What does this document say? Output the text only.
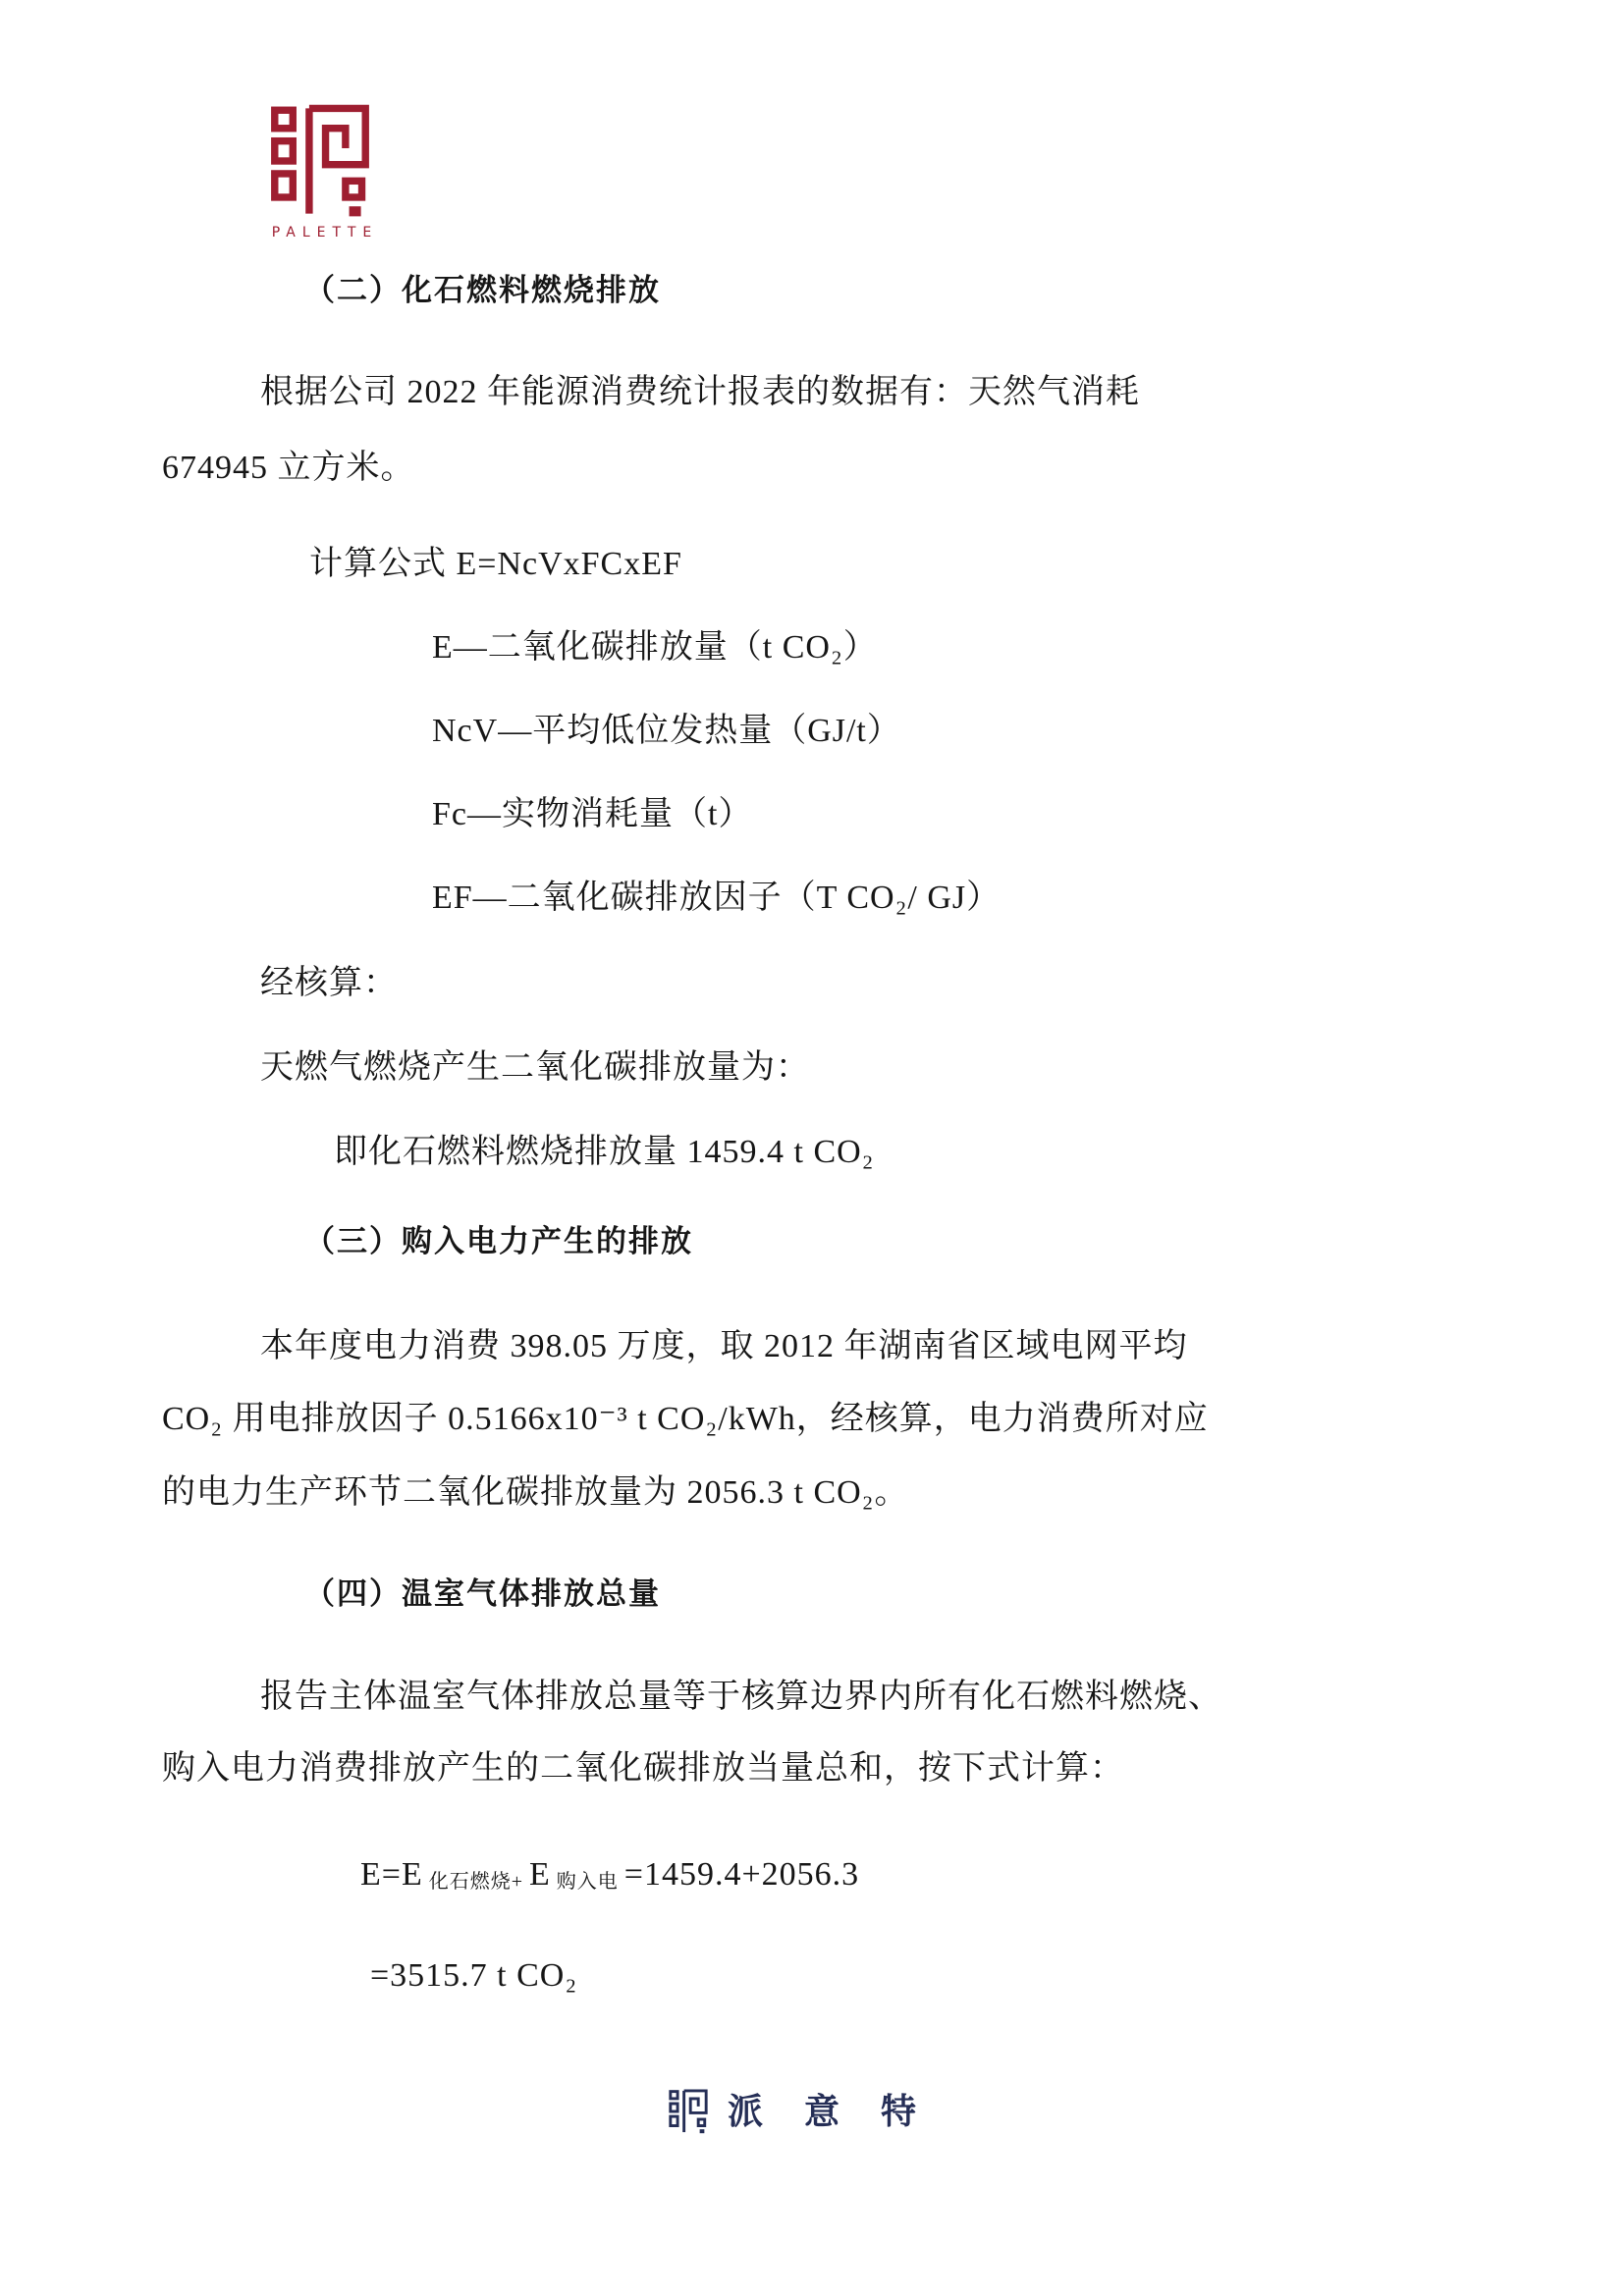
PALETTE
（二）化石燃料燃烧排放
根据公司 2022 年能源消费统计报表的数据有：天然气消耗
674945 立方米。
计算公式 E=NcVxFCxEF
E—二氧化碳排放量（t CO₂）
NcV—平均低位发热量（GJ/t）
Fc—实物消耗量（t）
EF—二氧化碳排放因子（T CO₂/ GJ）
经核算：
天燃气燃烧产生二氧化碳排放量为：
即化石燃料燃烧排放量 1459.4 t CO₂
（三）购入电力产生的排放
本年度电力消费 398.05 万度，取 2012 年湖南省区域电网平均
CO₂ 用电排放因子 0.5166x10⁻³ t CO₂/kWh，经核算，电力消费所对应
的电力生产环节二氧化碳排放量为 2056.3 t CO₂。
（四）温室气体排放总量
报告主体温室气体排放总量等于核算边界内所有化石燃料燃烧、
购入电力消费排放产生的二氧化碳排放当量总和，按下式计算：
E=E 化石燃烧+ E 购入电 =1459.4+2056.3
=3515.7 t CO₂
派意特
